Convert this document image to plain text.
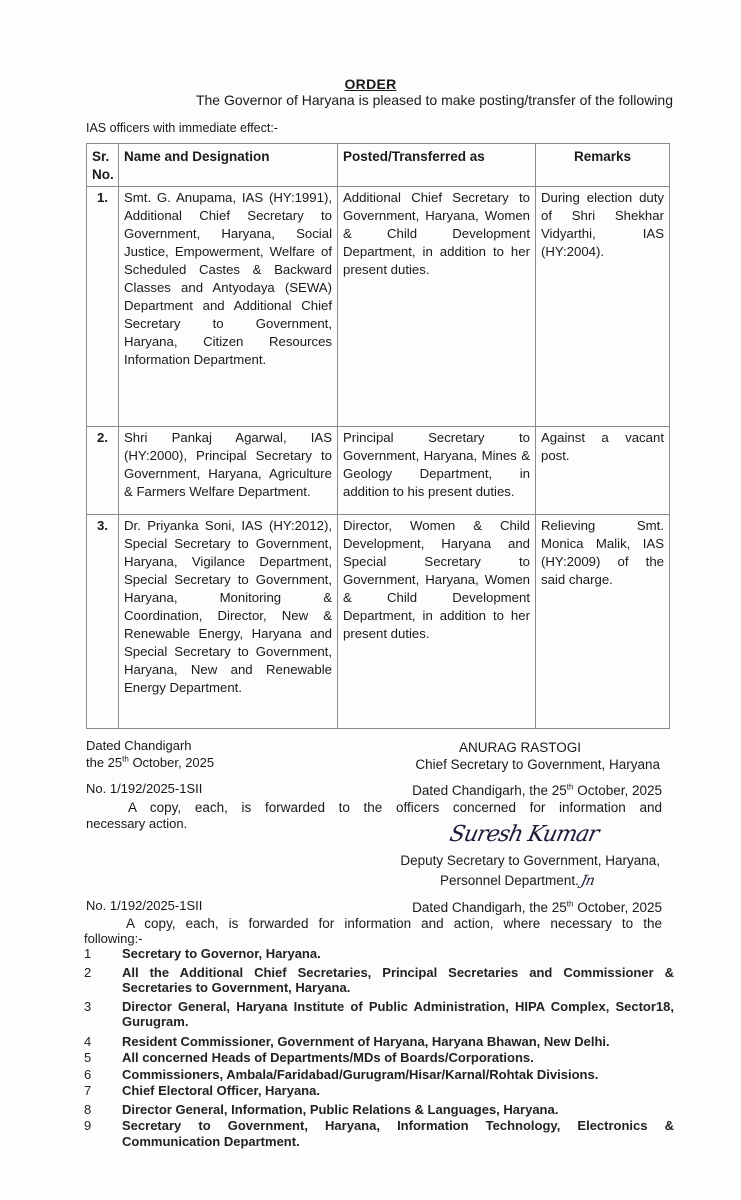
ORDER
The Governor of Haryana is pleased to make posting/transfer of the following
IAS officers with immediate effect:-
Sr. No.	Name and Designation	Posted/Transferred as	Remarks
1.	Smt. G. Anupama, IAS (HY:1991), Additional Chief Secretary to Government, Haryana, Social Justice, Empowerment, Welfare of Scheduled Castes & Backward Classes and Antyodaya (SEWA) Department and Additional Chief Secretary to Government, Haryana, Citizen Resources Information Department.	Additional Chief Secretary to Government, Haryana, Women & Child Development Department, in addition to her present duties.	During election duty of Shri Shekhar Vidyarthi, IAS (HY:2004).
2.	Shri Pankaj Agarwal, IAS (HY:2000), Principal Secretary to Government, Haryana, Agriculture & Farmers Welfare Department.	Principal Secretary to Government, Haryana, Mines & Geology Department, in addition to his present duties.	Against a vacant post.
3.	Dr. Priyanka Soni, IAS (HY:2012), Special Secretary to Government, Haryana, Vigilance Department, Special Secretary to Government, Haryana, Monitoring & Coordination, Director, New & Renewable Energy, Haryana and Special Secretary to Government, Haryana, New and Renewable Energy Department.	Director, Women & Child Development, Haryana and Special Secretary to Government, Haryana, Women & Child Development Department, in addition to her present duties.	Relieving Smt. Monica Malik, IAS (HY:2009) of the said charge.
Dated Chandigarh
the 25th October, 2025
ANURAG RASTOGI
Chief Secretary to Government, Haryana
No. 1/192/2025-1SII	Dated Chandigarh, the 25th October, 2025
A copy, each, is forwarded to the officers concerned for information and
necessary action.	Suresh Kumar
Deputy Secretary to Government, Haryana,
Personnel Department.Jn
No. 1/192/2025-1SII	Dated Chandigarh, the 25th October, 2025
A copy, each, is forwarded for information and action, where necessary to the
following:-
1	Secretary to Governor, Haryana.
2	All the Additional Chief Secretaries, Principal Secretaries and Commissioner & Secretaries to Government, Haryana.
3	Director General, Haryana Institute of Public Administration, HIPA Complex, Sector18, Gurugram.
4	Resident Commissioner, Government of Haryana, Haryana Bhawan, New Delhi.
5	All concerned Heads of Departments/MDs of Boards/Corporations.
6	Commissioners, Ambala/Faridabad/Gurugram/Hisar/Karnal/Rohtak Divisions.
7	Chief Electoral Officer, Haryana.
8	Director General, Information, Public Relations & Languages, Haryana.
9	Secretary to Government, Haryana, Information Technology, Electronics & Communication Department.
